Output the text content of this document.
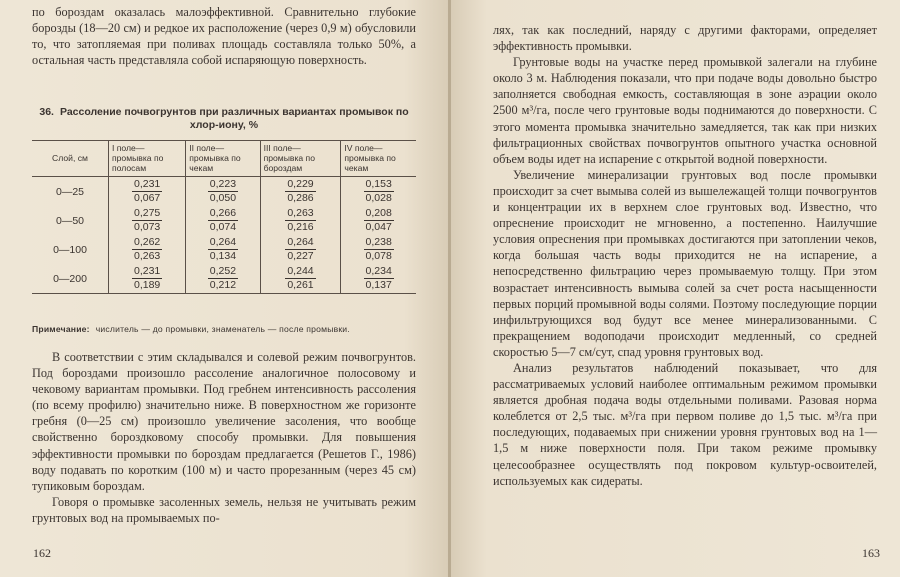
по бороздам оказалась малоэффективной. Сравнительно глубокие борозды (18—20 см) и редкое их расположение (через 0,9 м) обусловили то, что затопляемая при поливах площадь составляла только 50%, а остальная часть представляла собой испаряющую поверхность.

36. Рассоление почвогрунтов при различных вариантах промывок по хлор-иону, %
Слой, см	I поле—промывка по полосам	II поле—промывка по чекам	III поле—промывка по бороздам	IV поле—промывка по чекам
0—25	$\frac{0,231}{0,067}$	$\frac{0,223}{0,050}$	$\frac{0,229}{0,286}$	$\frac{0,153}{0,028}$

0—50	$\frac{0,275}{0,073}$	$\frac{0,266}{0,074}$	$\frac{0,263}{0,216}$	$\frac{0,208}{0,047}$

0—100	$\frac{0,262}{0,263}$	$\frac{0,264}{0,134}$	$\frac{0,264}{0,227}$	$\frac{0,238}{0,078}$

0—200	$\frac{0,231}{0,189}$	$\frac{0,252}{0,212}$	$\frac{0,244}{0,261}$	$\frac{0,234}{0,137}$
Примечание: числитель — до промывки, знаменатель — после промывки.

В соответствии с этим складывался и солевой режим почвогрунтов. Под бороздами произошло рассоление аналогичное полосовому и чековому вариантам промывки. Под гребнем интенсивность рассоления (по всему профилю) значительно ниже. В поверхностном же горизонте гребня (0—25 см) произошло увеличение засоления, что вообще свойственно бороздковому способу промывки. Для повышения эффективности промывки по бороздам предлагается (Решетов Г., 1986) воду подавать по коротким (100 м) и часто прорезанным (через 45 см) тупиковым бороздам.

Говоря о промывке засоленных земель, нельзя не учитывать режим грунтовых вод на промываемых по-

162

лях, так как последний, наряду с другими факторами, определяет эффективность промывки.

Грунтовые воды на участке перед промывкой залегали на глубине около 3 м. Наблюдения показали, что при подаче воды довольно быстро заполняется свободная емкость, составляющая в зоне аэрации около 2500 м³/га, после чего грунтовые воды поднимаются до поверхности. С этого момента промывка значительно замедляется, так как при низких фильтрационных свойствах почвогрунтов опытного участка основной объем воды идет на испарение с открытой водной поверхности.

Увеличение минерализации грунтовых вод после промывки происходит за счет вымыва солей из вышележащей толщи почвогрунтов и концентрации их в верхнем слое грунтовых вод. Известно, что опреснение происходит не мгновенно, а постепенно. Наилучшие условия опреснения при промывках достигаются при затоплении чеков, когда большая часть воды приходится не на испарение, а непосредственно фильтрацию через промываемую толщу. При этом возрастает интенсивность вымыва солей за счет роста насыщенности первых порций промывной воды солями. Поэтому последующие порции инфильтрующихся вод будут все менее минерализованными. С прекращением водоподачи происходит медленный, со средней скоростью 5—7 см/сут, спад уровня грунтовых вод.

Анализ результатов наблюдений показывает, что для рассматриваемых условий наиболее оптимальным режимом промывки является дробная подача воды отдельными поливами. Разовая норма колеблется от 2,5 тыс. м³/га при первом поливе до 1,5 тыс. м³/га при последующих, подаваемых при снижении уровня грунтовых вод на 1—1,5 м ниже поверхности поля. При таком режиме промывку целесообразнее осуществлять под покровом культур-освоителей, используемых как сидераты.

163
